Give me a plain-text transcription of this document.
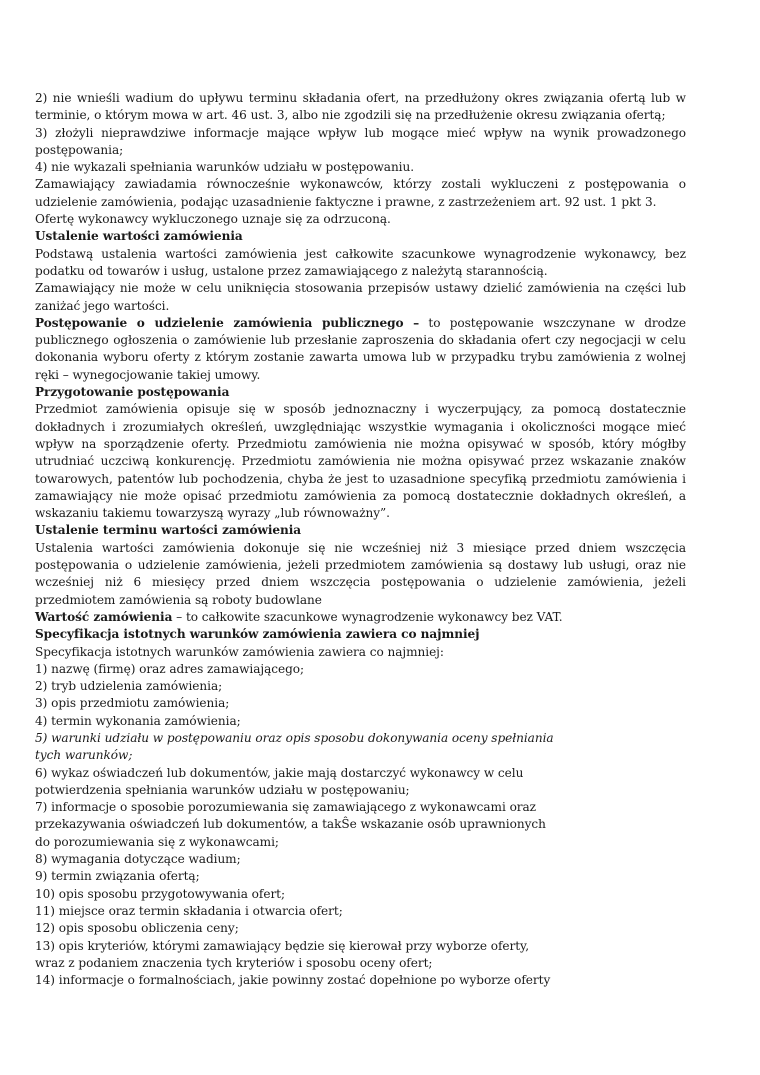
2) nie wnieśli wadium do upływu terminu składania ofert, na przedłużony okres związania ofertą lub w terminie, o którym mowa w art. 46 ust. 3, albo nie zgodzili się na przedłużenie okresu związania ofertą;

3) złożyli nieprawdziwe informacje mające wpływ lub mogące mieć wpływ na wynik prowadzonego postępowania;

4) nie wykazali spełniania warunków udziału w postępowaniu.

Zamawiający zawiadamia równocześnie wykonawców, którzy zostali wykluczeni z postępowania o udzielenie zamówienia, podając uzasadnienie faktyczne i prawne, z zastrzeżeniem art. 92 ust. 1 pkt 3.

Ofertę wykonawcy wykluczonego uznaje się za odrzuconą.

Ustalenie wartości zamówienia

Podstawą ustalenia wartości zamówienia jest całkowite szacunkowe wynagrodzenie wykonawcy, bez podatku od towarów i usług, ustalone przez zamawiającego z należytą starannością.

Zamawiający nie może w celu uniknięcia stosowania przepisów ustawy dzielić zamówienia na części lub zaniżać jego wartości.

Postępowanie o udzielenie zamówienia publicznego – to postępowanie wszczynane w drodze publicznego ogłoszenia o zamówienie lub przesłanie zaproszenia do składania ofert czy negocjacji w celu dokonania wyboru oferty z którym zostanie zawarta umowa lub w przypadku trybu zamówienia z wolnej ręki – wynegocjowanie takiej umowy.

Przygotowanie postępowania

Przedmiot zamówienia opisuje się w sposób jednoznaczny i wyczerpujący, za pomocą dostatecznie dokładnych i zrozumiałych określeń, uwzględniając wszystkie wymagania i okoliczności mogące mieć wpływ na sporządzenie oferty. Przedmiotu zamówienia nie można opisywać w sposób, który mógłby utrudniać uczciwą konkurencję. Przedmiotu zamówienia nie można opisywać przez wskazanie znaków towarowych, patentów lub pochodzenia, chyba że jest to uzasadnione specyfiką przedmiotu zamówienia i zamawiający nie może opisać przedmiotu zamówienia za pomocą dostatecznie dokładnych określeń, a wskazaniu takiemu towarzyszą wyrazy „lub równoważny”.

Ustalenie terminu wartości zamówienia

Ustalenia wartości zamówienia dokonuje się nie wcześniej niż 3 miesiące przed dniem wszczęcia postępowania o udzielenie zamówienia, jeżeli przedmiotem zamówienia są dostawy lub usługi, oraz nie wcześniej niż 6 miesięcy przed dniem wszczęcia postępowania o udzielenie zamówienia, jeżeli przedmiotem zamówienia są roboty budowlane

Wartość zamówienia – to całkowite szacunkowe wynagrodzenie wykonawcy bez VAT.

Specyfikacja istotnych warunków zamówienia zawiera co najmniej

Specyfikacja istotnych warunków zamówienia zawiera co najmniej:
1) nazwę (firmę) oraz adres zamawiającego;
2) tryb udzielenia zamówienia;
3) opis przedmiotu zamówienia;
4) termin wykonania zamówienia;
5) warunki udziału w postępowaniu oraz opis sposobu dokonywania oceny spełniania
tych warunków;
6) wykaz oświadczeń lub dokumentów, jakie mają dostarczyć wykonawcy w celu
potwierdzenia spełniania warunków udziału w postępowaniu;
7) informacje o sposobie porozumiewania się zamawiającego z wykonawcami oraz
przekazywania oświadczeń lub dokumentów, a takŜe wskazanie osób uprawnionych
do porozumiewania się z wykonawcami;
8) wymagania dotyczące wadium;
9) termin związania ofertą;
10) opis sposobu przygotowywania ofert;
11) miejsce oraz termin składania i otwarcia ofert;
12) opis sposobu obliczenia ceny;
13) opis kryteriów, którymi zamawiający będzie się kierował przy wyborze oferty,
wraz z podaniem znaczenia tych kryteriów i sposobu oceny ofert;
14) informacje o formalnościach, jakie powinny zostać dopełnione po wyborze oferty
